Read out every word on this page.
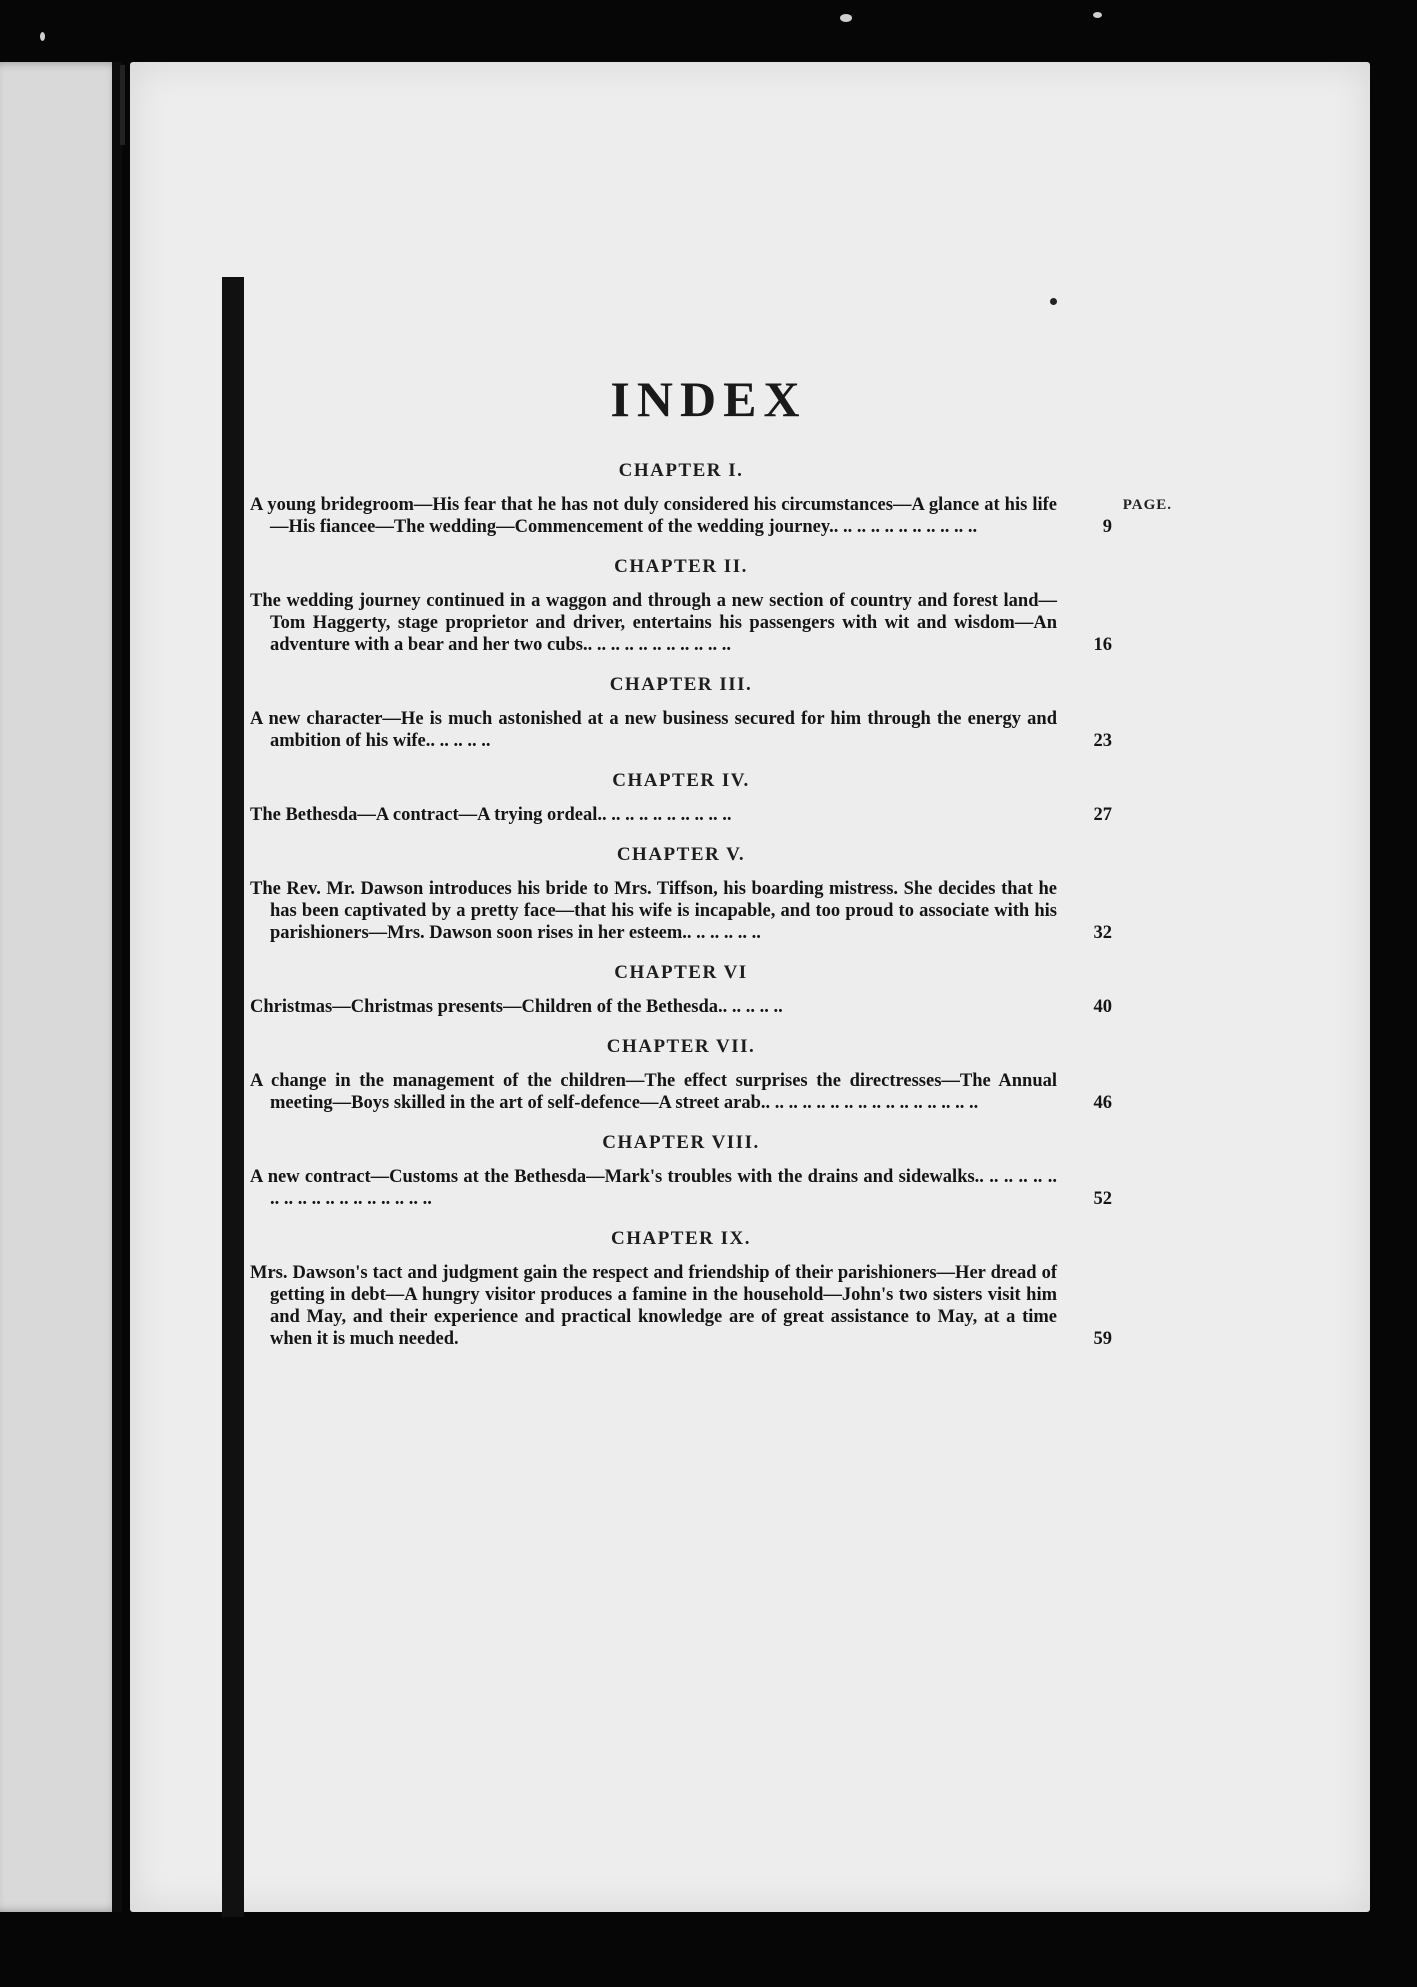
INDEX
PAGE.
CHAPTER I.
A young bridegroom—His fear that he has not duly considered his circumstances—A glance at his life—His fiancee—The wedding—Commencement of the wedding journey.. .. .. .. .. .. .. .. .. .. ..	9
CHAPTER II.
The wedding journey continued in a waggon and through a new section of country and forest land—Tom Haggerty, stage proprietor and driver, entertains his passengers with wit and wisdom—An adventure with a bear and her two cubs.. .. .. .. .. .. .. .. .. .. ..	16
CHAPTER III.
A new character—He is much astonished at a new business secured for him through the energy and ambition of his wife.. .. .. .. ..	23
CHAPTER IV.
The Bethesda—A contract—A trying ordeal.. .. .. .. .. .. .. .. .. ..	27
CHAPTER V.
The Rev. Mr. Dawson introduces his bride to Mrs. Tiffson, his boarding mistress. She decides that he has been captivated by a pretty face—that his wife is incapable, and too proud to associate with his parishioners—Mrs. Dawson soon rises in her esteem.. .. .. .. .. ..	32
CHAPTER VI
Christmas—Christmas presents—Children of the Bethesda.. .. .. .. ..	40
CHAPTER VII.
A change in the management of the children—The effect surprises the directresses—The Annual meeting—Boys skilled in the art of self-defence—A street arab.. .. .. .. .. .. .. .. .. .. .. .. .. .. .. ..	46
CHAPTER VIII.
A new contract—Customs at the Bethesda—Mark's troubles with the drains and sidewalks.. .. .. .. .. .. .. .. .. .. .. .. .. .. .. .. .. ..	52
CHAPTER IX.
Mrs. Dawson's tact and judgment gain the respect and friendship of their parishioners—Her dread of getting in debt—A hungry visitor produces a famine in the household—John's two sisters visit him and May, and their experience and practical knowledge are of great assistance to May, at a time when it is much needed.	59
